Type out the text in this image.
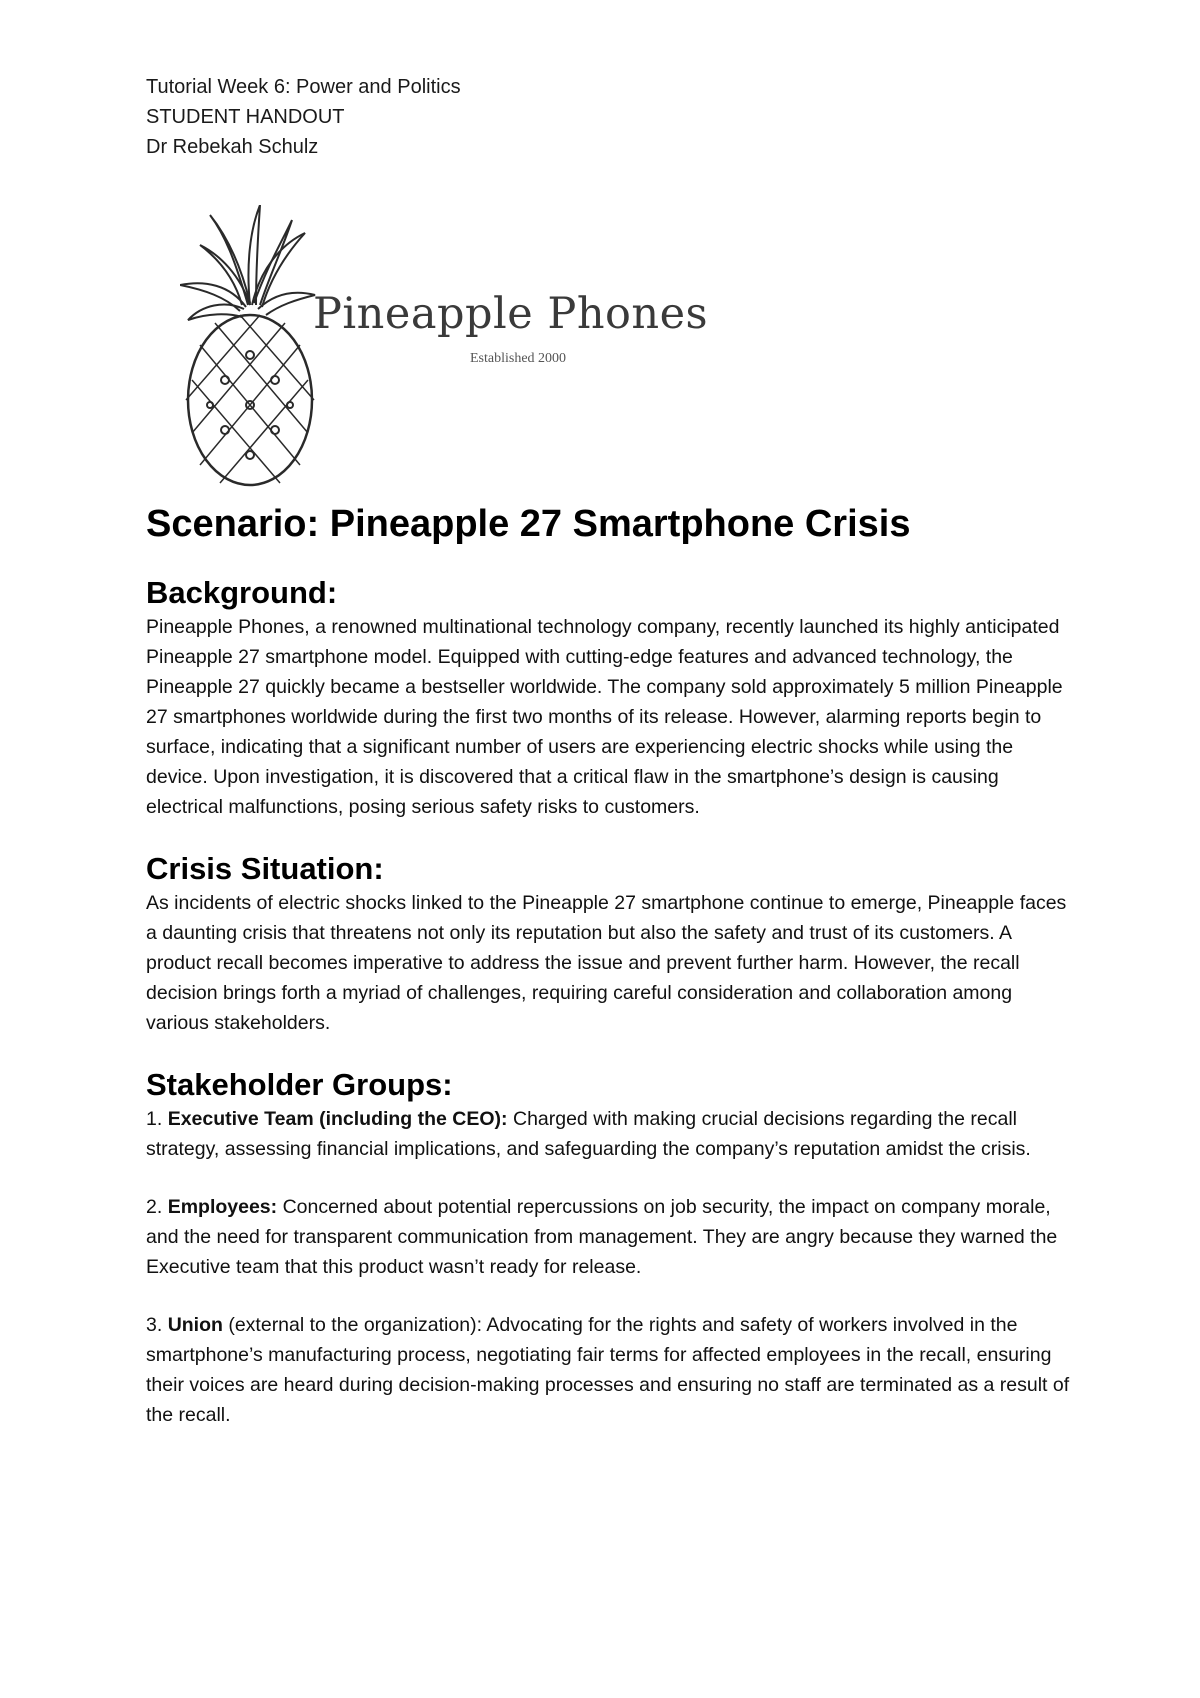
Tutorial Week 6: Power and Politics
STUDENT HANDOUT
Dr Rebekah Schulz
Pineapple Phones
Established 2000
Scenario: Pineapple 27 Smartphone Crisis
Background:

Pineapple Phones, a renowned multinational technology company, recently launched its highly anticipated Pineapple 27 smartphone model. Equipped with cutting-edge features and advanced technology, the Pineapple 27 quickly became a bestseller worldwide. The company sold approximately 5 million Pineapple 27 smartphones worldwide during the first two months of its release. However, alarming reports begin to surface, indicating that a significant number of users are experiencing electric shocks while using the device. Upon investigation, it is discovered that a critical flaw in the smartphone’s design is causing electrical malfunctions, posing serious safety risks to customers.

Crisis Situation:

As incidents of electric shocks linked to the Pineapple 27 smartphone continue to emerge, Pineapple faces a daunting crisis that threatens not only its reputation but also the safety and trust of its customers. A product recall becomes imperative to address the issue and prevent further harm. However, the recall decision brings forth a myriad of challenges, requiring careful consideration and collaboration among various stakeholders.

Stakeholder Groups:

1. Executive Team (including the CEO): Charged with making crucial decisions regarding the recall strategy, assessing financial implications, and safeguarding the company’s reputation amidst the crisis.

2. Employees: Concerned about potential repercussions on job security, the impact on company morale, and the need for transparent communication from management. They are angry because they warned the Executive team that this product wasn’t ready for release.

3. Union (external to the organization): Advocating for the rights and safety of workers involved in the smartphone’s manufacturing process, negotiating fair terms for affected employees in the recall, ensuring their voices are heard during decision-making processes and ensuring no staff are terminated as a result of the recall.
